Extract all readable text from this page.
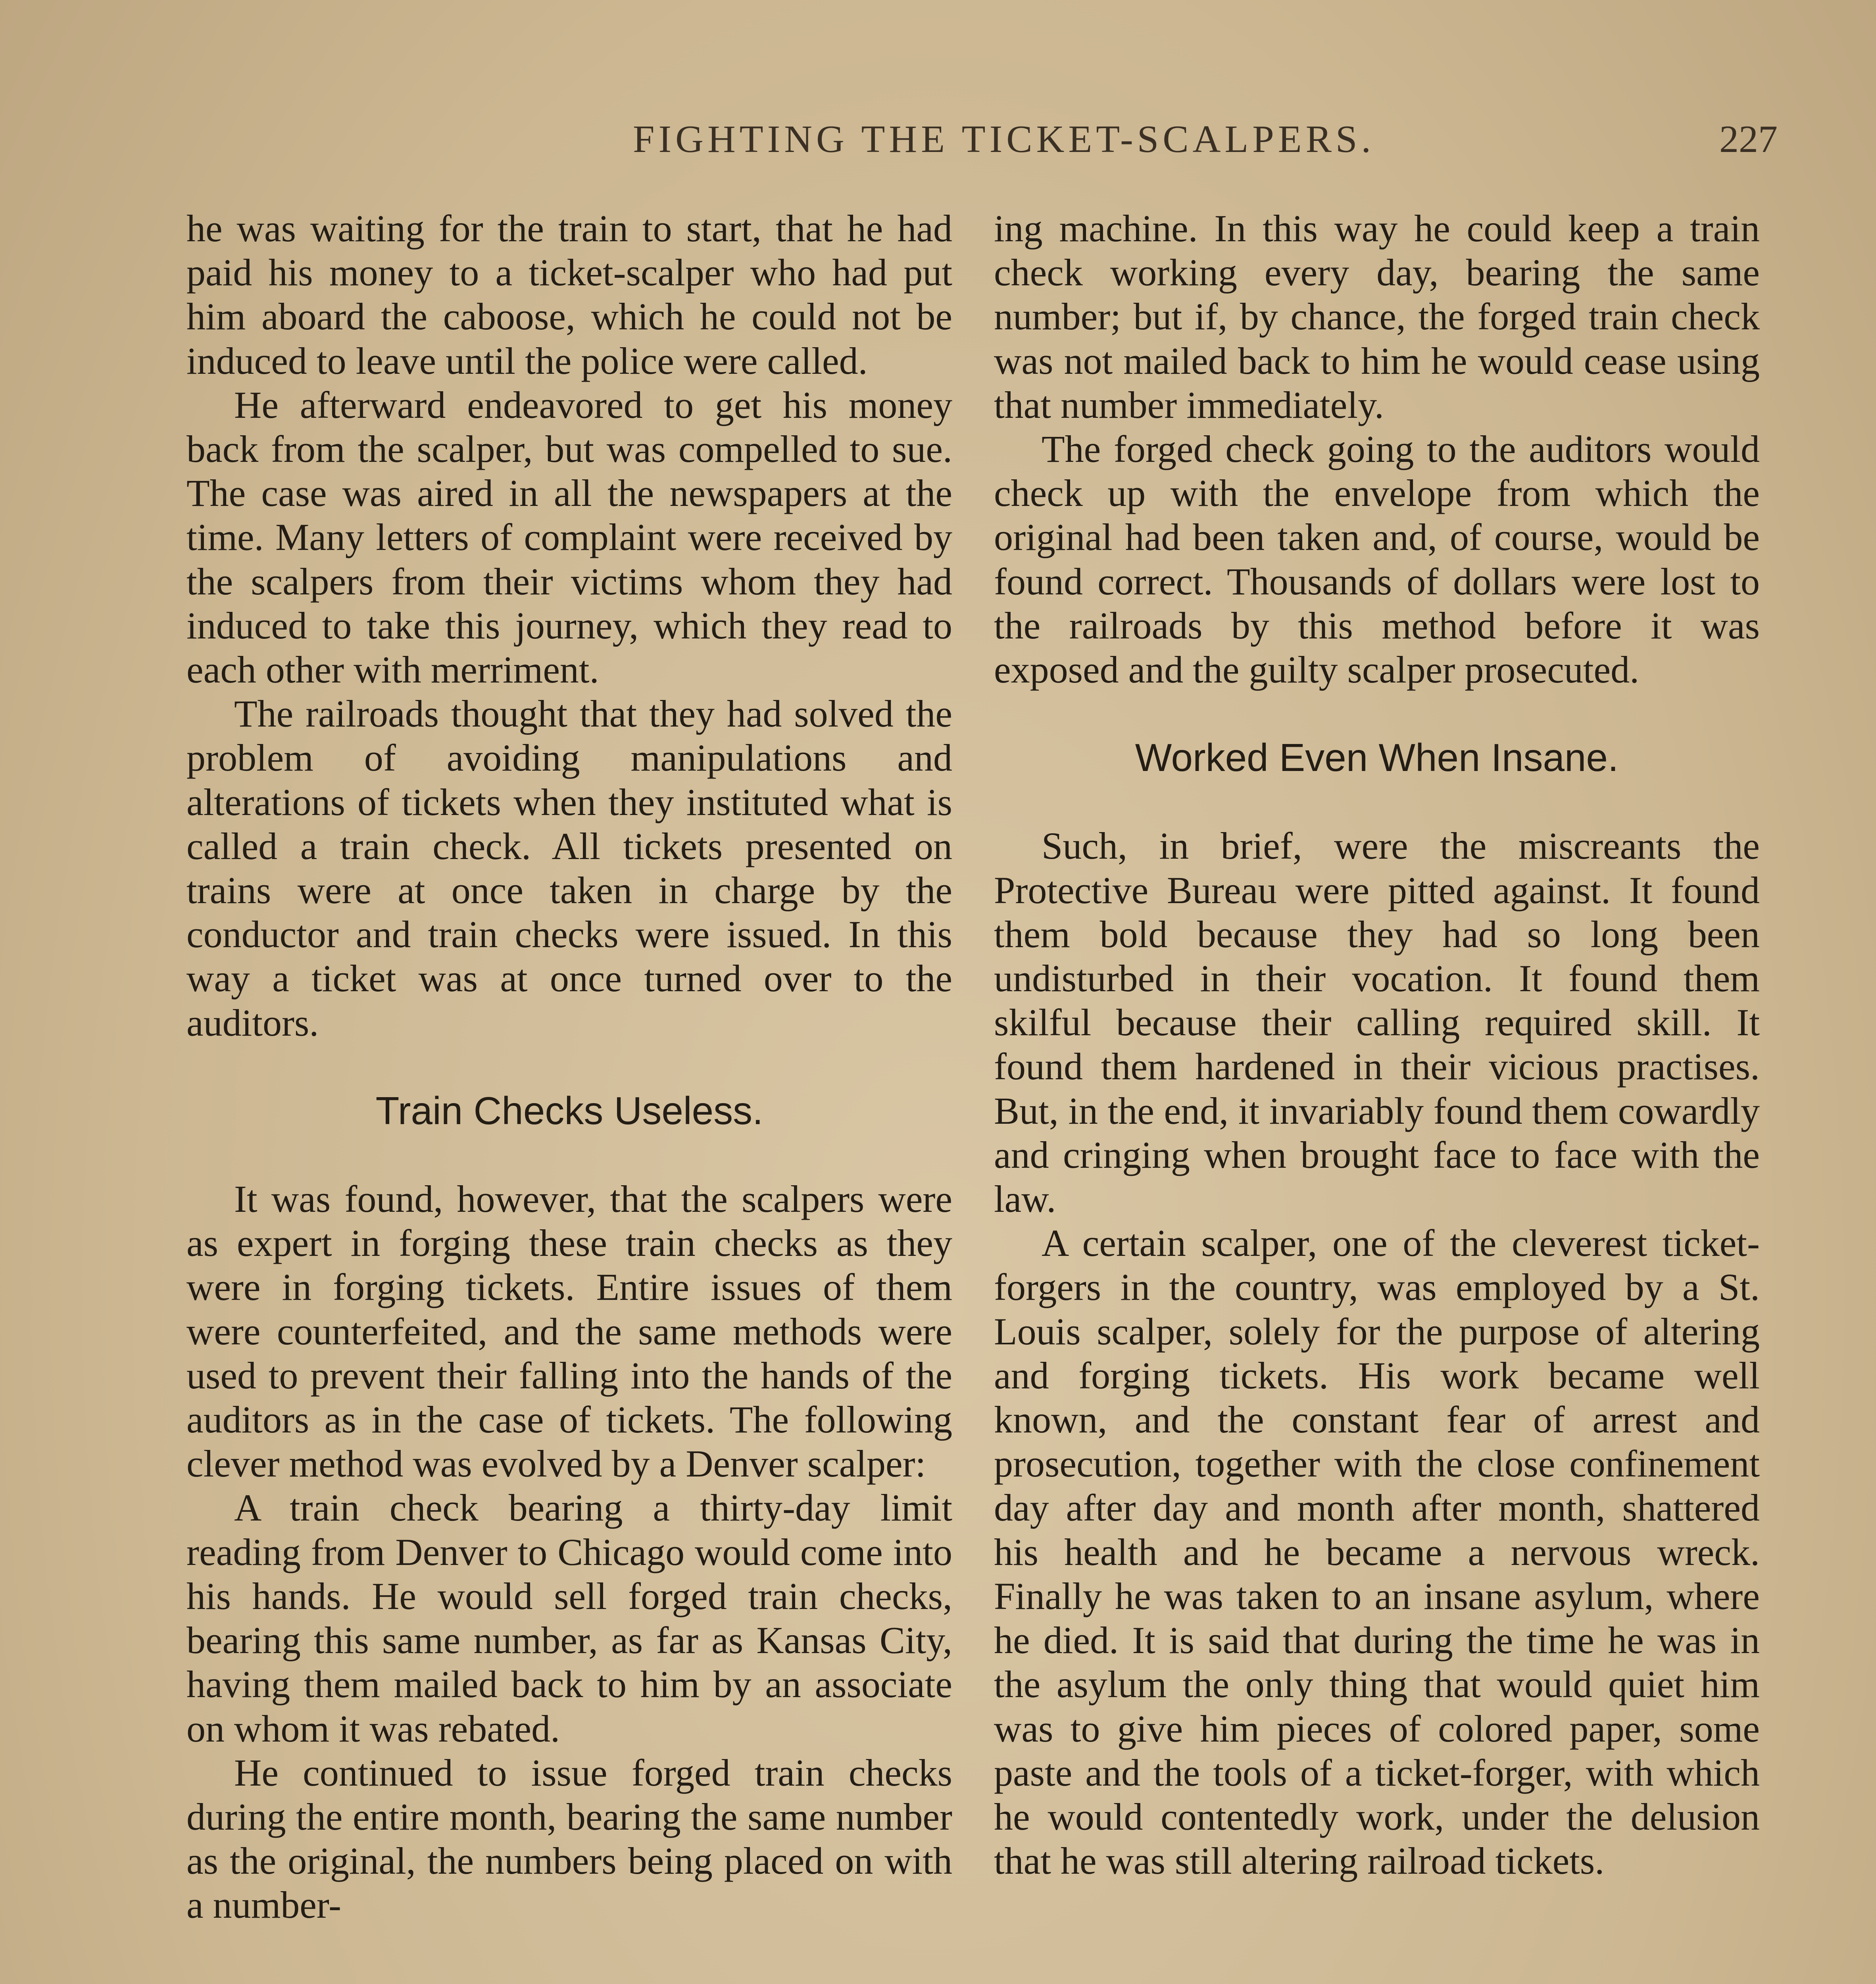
FIGHTING THE TICKET-SCALPERS.	227

he was waiting for the train to start, that he had paid his money to a ticket-scalper who had put him aboard the caboose, which he could not be induced to leave until the police were called.

He afterward endeavored to get his money back from the scalper, but was compelled to sue. The case was aired in all the newspapers at the time. Many letters of complaint were received by the scalpers from their victims whom they had induced to take this journey, which they read to each other with merriment.

The railroads thought that they had solved the problem of avoiding manipulations and alterations of tickets when they instituted what is called a train check. All tickets presented on trains were at once taken in charge by the conductor and train checks were issued. In this way a ticket was at once turned over to the auditors.

Train Checks Useless.

It was found, however, that the scalpers were as expert in forging these train checks as they were in forging tickets. Entire issues of them were counterfeited, and the same methods were used to prevent their falling into the hands of the auditors as in the case of tickets. The following clever method was evolved by a Denver scalper:

A train check bearing a thirty-day limit reading from Denver to Chicago would come into his hands. He would sell forged train checks, bearing this same number, as far as Kansas City, having them mailed back to him by an associate on whom it was rebated.

He continued to issue forged train checks during the entire month, bearing the same number as the original, the numbers being placed on with a number-

ing machine. In this way he could keep a train check working every day, bearing the same number; but if, by chance, the forged train check was not mailed back to him he would cease using that number immediately.

The forged check going to the auditors would check up with the envelope from which the original had been taken and, of course, would be found correct. Thousands of dollars were lost to the railroads by this method before it was exposed and the guilty scalper prosecuted.

Worked Even When Insane.

Such, in brief, were the miscreants the Protective Bureau were pitted against. It found them bold because they had so long been undisturbed in their vocation. It found them skilful because their calling required skill. It found them hardened in their vicious practises. But, in the end, it invariably found them cowardly and cringing when brought face to face with the law.

A certain scalper, one of the cleverest ticket-forgers in the country, was employed by a St. Louis scalper, solely for the purpose of altering and forging tickets. His work became well known, and the constant fear of arrest and prosecution, together with the close confinement day after day and month after month, shattered his health and he became a nervous wreck. Finally he was taken to an insane asylum, where he died. It is said that during the time he was in the asylum the only thing that would quiet him was to give him pieces of colored paper, some paste and the tools of a ticket-forger, with which he would contentedly work, under the delusion that he was still altering railroad tickets.
